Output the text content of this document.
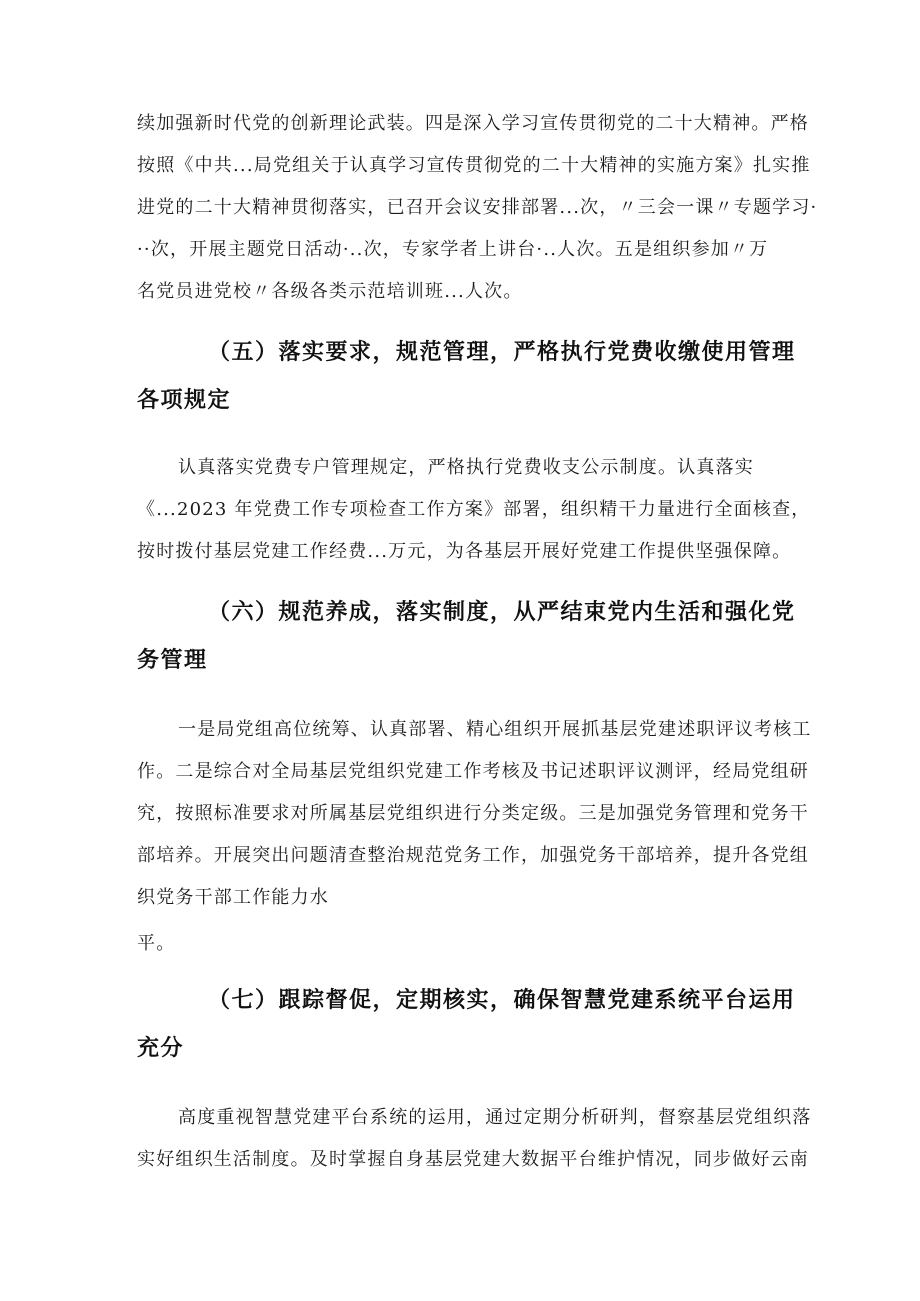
续加强新时代党的创新理论武装。四是深入学习宣传贯彻党的二十大精神。严格
按照《中共...局党组关于认真学习宣传贯彻党的二十大精神的实施方案》扎实推
进党的二十大精神贯彻落实，已召开会议安排部署...次，〃三会一课〃专题学习·
··次，开展主题党日活动·..次，专家学者上讲台·..人次。五是组织参加〃万
名党员进党校〃各级各类示范培训班...人次。
（五）落实要求，规范管理，严格执行党费收缴使用管理
各项规定
认真落实党费专户管理规定，严格执行党费收支公示制度。认真落实
《...2023 年党费工作专项检查工作方案》部署，组织精干力量进行全面核查，
按时拨付基层党建工作经费...万元，为各基层开展好党建工作提供坚强保障。
（六）规范养成，落实制度，从严结束党内生活和强化党
务管理
一是局党组高位统筹、认真部署、精心组织开展抓基层党建述职评议考核工
作。二是综合对全局基层党组织党建工作考核及书记述职评议测评，经局党组研
究，按照标准要求对所属基层党组织进行分类定级。三是加强党务管理和党务干
部培养。开展突出问题清查整治规范党务工作，加强党务干部培养，提升各党组
织党务干部工作能力水
平。
（七）跟踪督促，定期核实，确保智慧党建系统平台运用
充分
高度重视智慧党建平台系统的运用，通过定期分析研判，督察基层党组织落
实好组织生活制度。及时掌握自身基层党建大数据平台维护情况，同步做好云南
